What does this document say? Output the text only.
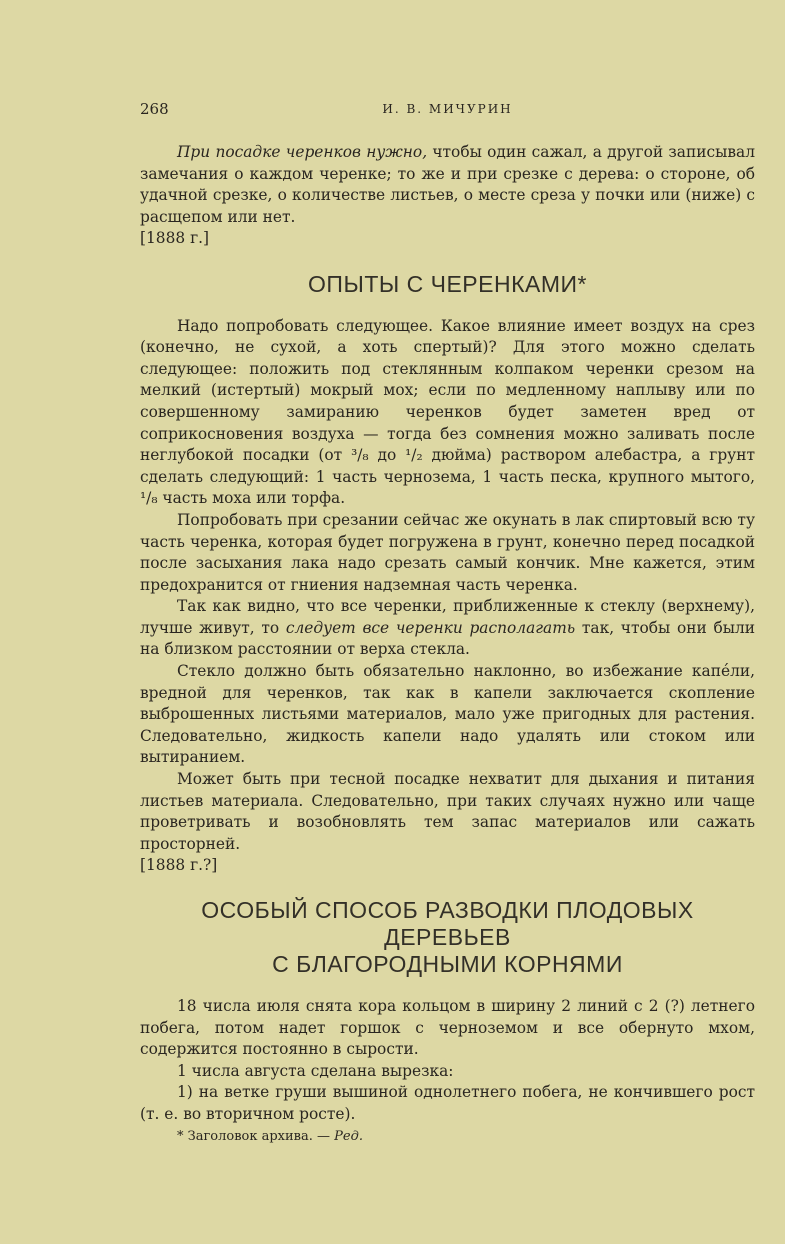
268	И. В. МИЧУРИН

При посадке черенков нужно, чтобы один сажал, а другой записывал замечания о каждом черенке; то же и при срезке с дерева: о стороне, об удачной срезке, о количестве листьев, о месте среза у почки или (ниже) с расщепом или нет.

[1888 г.]

ОПЫТЫ С ЧЕРЕНКАМИ*

Надо попробовать следующее. Какое влияние имеет воздух на срез (конечно, не сухой, а хоть спертый)? Для этого можно сделать следующее: положить под стеклянным колпаком черенки срезом на мелкий (истертый) мокрый мох; если по медленному наплыву или по совершенному замиранию черенков будет заметен вред от соприкосновения воздуха — тогда без сомнения можно заливать после неглубокой посадки (от ³/₈ до ¹/₂ дюйма) раствором алебастра, а грунт сделать следующий: 1 часть чернозема, 1 часть песка, крупного мытого, ¹/₈ часть моха или торфа.

Попробовать при срезании сейчас же окунать в лак спиртовый всю ту часть черенка, которая будет погружена в грунт, конечно перед посадкой после засыхания лака надо срезать самый кончик. Мне кажется, этим предохранится от гниения надземная часть черенка.

Так как видно, что все черенки, приближенные к стеклу (верхнему), лучше живут, то следует все черенки располагать так, чтобы они были на близком расстоянии от верха стекла.

Стекло должно быть обязательно наклонно, во избежание капéли, вредной для черенков, так как в капели заключается скопление выброшенных листьями материалов, мало уже пригодных для растения. Следовательно, жидкость капели надо удалять или стоком или вытиранием.

Может быть при тесной посадке нехватит для дыхания и питания листьев материала. Следовательно, при таких случаях нужно или чаще проветривать и возобновлять тем запас материалов или сажать просторней.

[1888 г.?]

ОСОБЫЙ СПОСОБ РАЗВОДКИ ПЛОДОВЫХ ДЕРЕВЬЕВ
С БЛАГОРОДНЫМИ КОРНЯМИ

18 числа июля снята кора кольцом в ширину 2 линий с 2 (?) летнего побега, потом надет горшок с черноземом и все обернуто мхом, содержится постоянно в сырости.

1 числа августа сделана вырезка:

1) на ветке груши вышиной однолетнего побега, не кончившего рост (т. е. во вторичном росте).

* Заголовок архива. — Ред.
